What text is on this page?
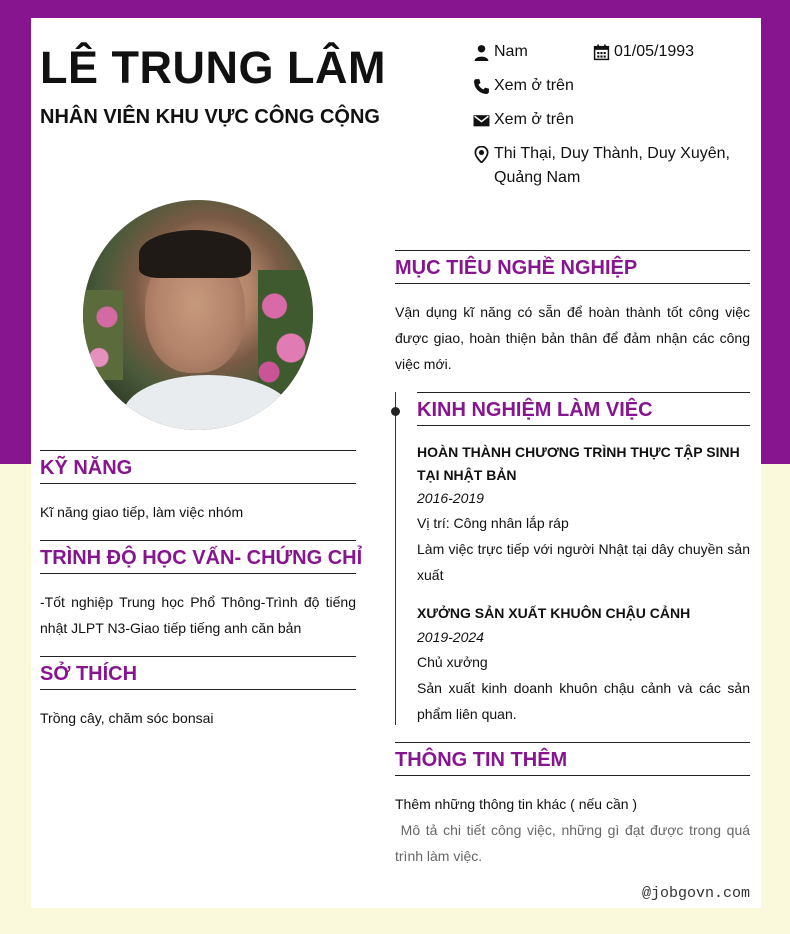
LÊ TRUNG LÂM
NHÂN VIÊN KHU VỰC CÔNG CỘNG
Nam	01/05/1993
Xem ở trên
Xem ở trên
Thi Thại, Duy Thành, Duy Xuyên, Quảng Nam
KỸ NĂNG
Kĩ năng giao tiếp, làm việc nhóm
TRÌNH ĐỘ HỌC VẤN- CHỨNG CHỈ
-Tốt nghiệp Trung học Phổ Thông-Trình độ tiếng nhật JLPT N3-Giao tiếp tiếng anh căn bản
SỞ THÍCH
Trồng cây, chăm sóc bonsai
MỤC TIÊU NGHỀ NGHIỆP
Vận dụng kĩ năng có sẵn để hoàn thành tốt công việc được giao, hoàn thiện bản thân để đảm nhận các công việc mới.
KINH NGHIỆM LÀM VIỆC
HOÀN THÀNH CHƯƠNG TRÌNH THỰC TẬP SINH TẠI NHẬT BẢN
2016-2019
Vị trí: Công nhân lắp ráp
Làm việc trực tiếp với người Nhật tại dây chuyền sản xuất
XƯỞNG SẢN XUẤT KHUÔN CHẬU CẢNH
2019-2024
Chủ xưởng
Sản xuất kinh doanh khuôn chậu cảnh và các sản phẩm liên quan.
THÔNG TIN THÊM
Thêm những thông tin khác ( nếu cần )
Mô tả chi tiết công việc, những gì đạt được trong quá trình làm việc.
@jobgovn.com
